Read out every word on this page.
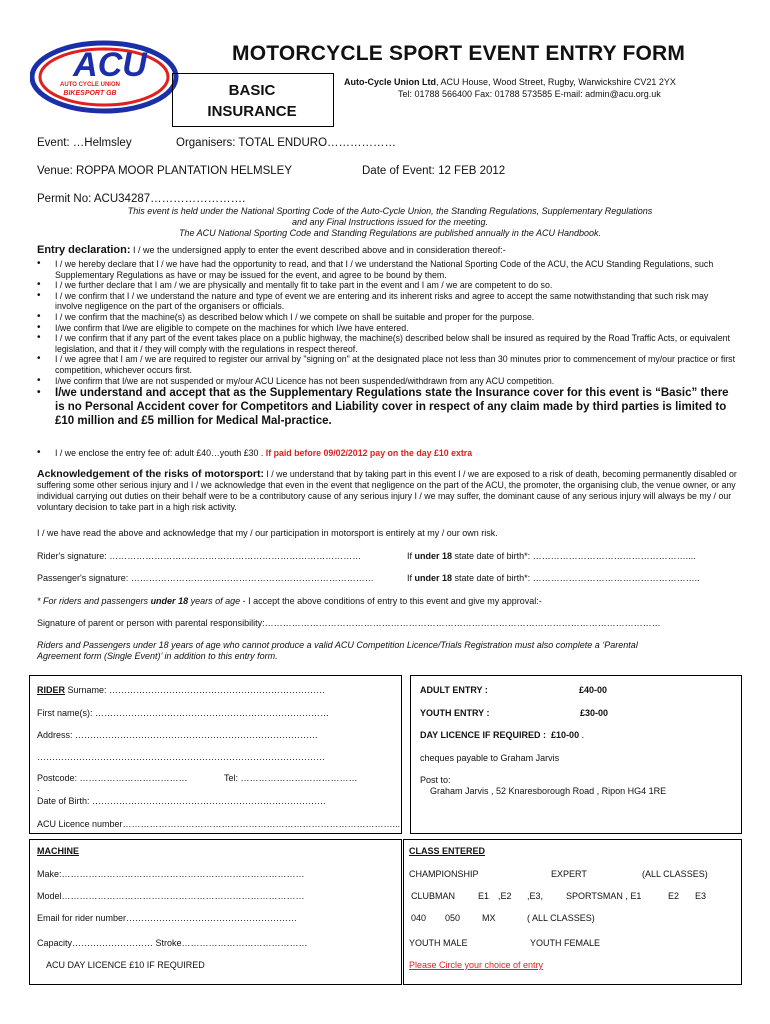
ACU
AUTO CYCLE UNION
BIKESPORT GB
MOTORCYCLE SPORT EVENT ENTRY FORM
BASIC
INSURANCE
Auto-Cycle Union Ltd, ACU House, Wood Street, Rugby, Warwickshire CV21 2YX
Tel: 01788 566400 Fax: 01788 573585 E-mail: admin@acu.org.uk
Event: …Helmsley	Organisers: TOTAL ENDURO………………
Venue: ROPPA MOOR PLANTATION HELMSLEY	Date of Event: 12 FEB 2012
Permit No: ACU34287…………………….
This event is held under the National Sporting Code of the Auto-Cycle Union, the Standing Regulations, Supplementary Regulations
and any Final Instructions issued for the meeting.
The ACU National Sporting Code and Standing Regulations are published annually in the ACU Handbook.
Entry declaration: I / we the undersigned apply to enter the event described above and in consideration thereof:-
• I / we hereby declare that I / we have had the opportunity to read, and that I / we understand the National Sporting Code of the ACU, the ACU Standing Regulations, such Supplementary Regulations as have or may be issued for the event, and agree to be bound by them.
• I / we further declare that I am / we are physically and mentally fit to take part in the event and I am / we are competent to do so.
• I / we confirm that I / we understand the nature and type of event we are entering and its inherent risks and agree to accept the same notwithstanding that such risk may involve negligence on the part of the organisers or officials.
• I / we confirm that the machine(s) as described below which I / we compete on shall be suitable and proper for the purpose.
• I/we confirm that I/we are eligible to compete on the machines for which I/we have entered.
• I / we confirm that if any part of the event takes place on a public highway, the machine(s) described below shall be insured as required by the Road Traffic Acts, or equivalent legislation, and that it / they will comply with the regulations in respect thereof.
• I / we agree that I am / we are required to register our arrival by "signing on" at the designated place not less than 30 minutes prior to commencement of my/our practice or first competition, whichever occurs first.
• I/we confirm that I/we are not suspended or my/our ACU Licence has not been suspended/withdrawn from any ACU competition.
• I/we understand and accept that as the Supplementary Regulations state the Insurance cover for this event is “Basic” there is no Personal Accident cover for Competitors and Liability cover in respect of any claim made by third parties is limited to £10 million and £5 million for Medical Mal-practice.
• I / we enclose the entry fee of: adult £40…youth £30 . If paid before 09/02/2012 pay on the day £10 extra
Acknowledgement of the risks of motorsport: I / we understand that by taking part in this event I / we are exposed to a risk of death, becoming permanently disabled or suffering some other serious injury and I / we acknowledge that even in the event that negligence on the part of the ACU, the promoter, the organising club, the venue owner, or any individual carrying out duties on their behalf were to be a contributory cause of any serious injury I / we may suffer, the dominant cause of any serious injury will always be my / our voluntary decision to take part in a high risk activity.
I / we have read the above and acknowledge that my / our participation in motorsport is entirely at my / our own risk.
Rider's signature: …………………………………………………………………………	If under 18 state date of birth*: ……………………………………………....
Passenger's signature: ………………………………………………………………………	If under 18 state date of birth*: ………………………………………………..
* For riders and passengers under 18 years of age - I accept the above conditions of entry to this event and give my approval:-
Signature of parent or person with parental responsibility:……………………………………………………………………………………………………………………
Riders and Passengers under 18 years of age who cannot produce a valid ACU Competition Licence/Trials Registration must also complete a ‘Parental
Agreement form (Single Event)’ in addition to this entry form.
RIDER Surname: ………………………………………………………………
First name(s): ……………………………………………………………………
Address: ………………………………………………………………………
……………………………………………………………………………………
Postcode: ………………………………	Tel: …………………………………
.
Date of Birth: ……………………………………………………………………
ACU Licence number………………………………………………………………………………...
ADULT ENTRY :	£40-00
YOUTH ENTRY :	£30-00
DAY LICENCE IF REQUIRED : £10-00 .
cheques payable to Graham Jarvis
Post to:
Graham Jarvis , 52 Knaresborough Road , Ripon HG4 1RE
MACHINE
Make:………………………………………………………………………
Model………………………………………………………………………
Email for rider number…………………………………………………
Capacity……………………… Stroke……………………………………
ACU DAY LICENCE £10 IF REQUIRED
CLASS ENTERED
CHAMPIONSHIP	EXPERT	(ALL CLASSES)
CLUBMAN	E1 ,E2 ,E3,	SPORTSMAN , E1	E2 E3
040 050 MX	( ALL CLASSES)
YOUTH MALE	YOUTH FEMALE
Please Circle your choice of entry
